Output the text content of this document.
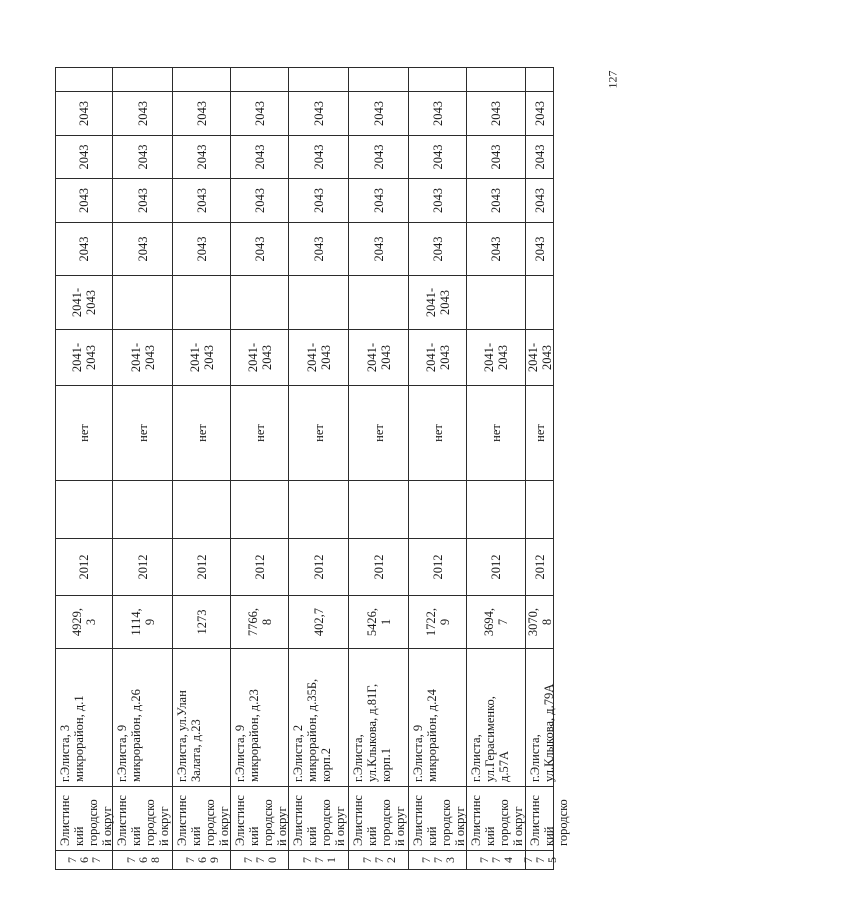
7
6
7
Элистинс кий городско й округ
г.Элиста, 3 микрорайон, д.1
4929, 3
2012
нет
2041- 2043
2041- 2043
2043
2043
2043
2043
7
6
8
Элистинс кий городско й округ
г.Элиста, 9 микрорайон, д.26
1114, 9
2012
нет
2041- 2043
2043
2043
2043
2043
7
6
9
Элистинс кий городско й округ
г.Элиста, ул.Улан Залата, д.23
1273
2012
нет
2041- 2043
2043
2043
2043
2043
7
7
0
Элистинс кий городско й округ
г.Элиста, 9 микрорайон, д.23
7766, 8
2012
нет
2041- 2043
2043
2043
2043
2043
7
7
1
Элистинс кий городско й округ
г.Элиста, 2 микрорайон, д.35Б, корп.2
402,7
2012
нет
2041- 2043
2043
2043
2043
2043
7
7
2
Элистинс кий городско й округ
г.Элиста, ул.Клыкова, д.81Г, корп.1
5426, 1
2012
нет
2041- 2043
2043
2043
2043
2043
7
7
3
Элистинс кий городско й округ
г.Элиста, 9 микрорайон, д.24
1722, 9
2012
нет
2041- 2043
2041- 2043
2043
2043
2043
2043
7
7
4
Элистинс кий городско й округ
г.Элиста, ул.Герасименко, д.57А
3694, 7
2012
нет
2041- 2043
2043
2043
2043
2043
7
7
5
Элистинс кий городско
г.Элиста, ул.Клыкова, д.79А
3070, 8
2012
нет
2041- 2043
2043
2043
2043
2043
127
